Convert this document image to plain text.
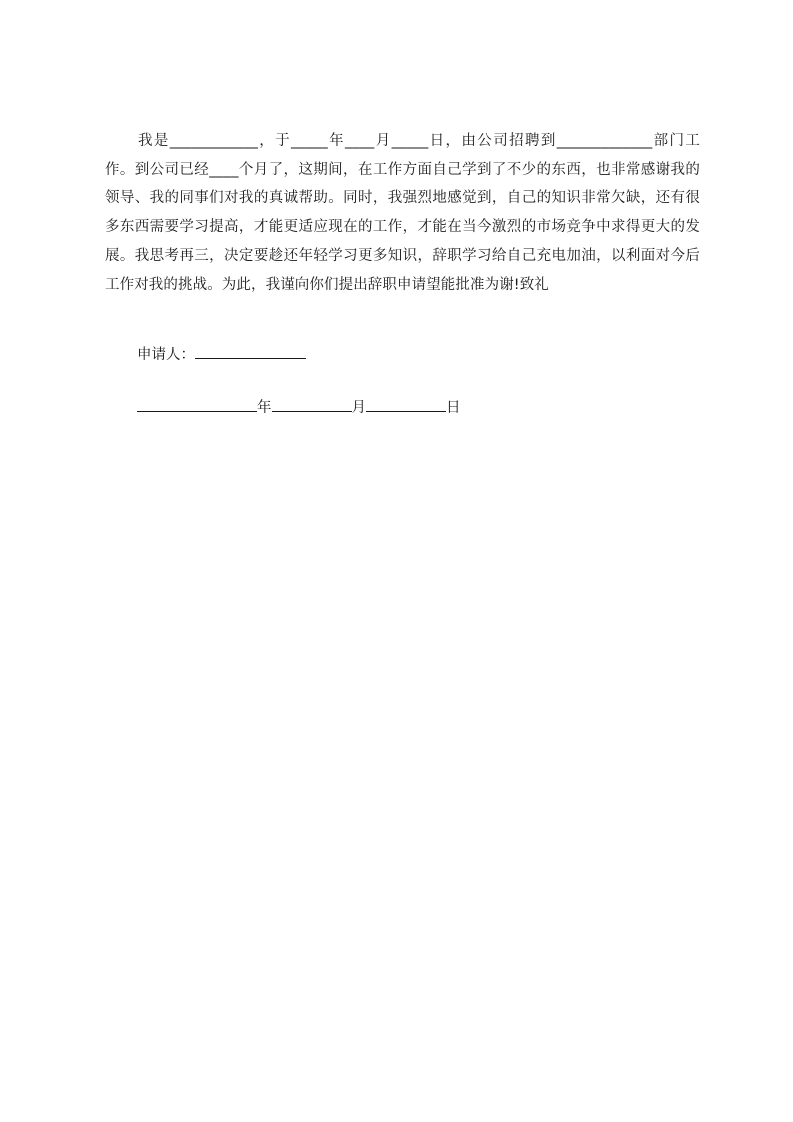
我是____________，于_____年____月_____日，由公司招聘到_____________部门工作。到公司已经____个月了，这期间，在工作方面自己学到了不少的东西，也非常感谢我的领导、我的同事们对我的真诚帮助。同时，我强烈地感觉到，自己的知识非常欠缺，还有很多东西需要学习提高，才能更适应现在的工作，才能在当今激烈的市场竞争中求得更大的发展。我思考再三，决定要趁还年轻学习更多知识，辞职学习给自己充电加油，以利面对今后工作对我的挑战。为此，我谨向你们提出辞职申请望能批准为谢!致礼

申请人：

年	月	日
